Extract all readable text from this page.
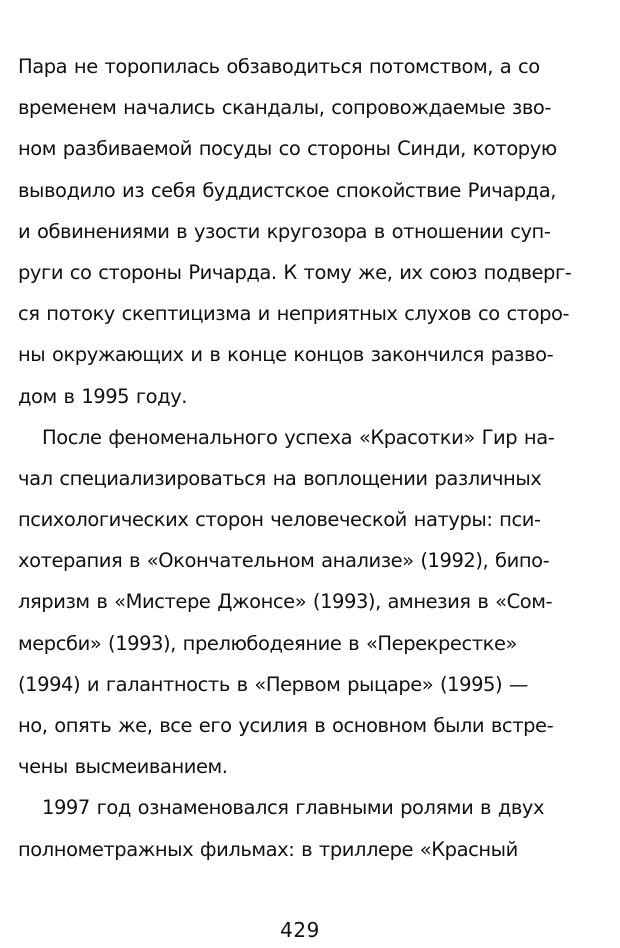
Пара не торопилась обзаводиться потомством, а со
временем начались скандалы, сопровождаемые зво-
ном разбиваемой посуды со стороны Синди, которую
выводило из себя буддистское спокойствие Ричарда,
и обвинениями в узости кругозора в отношении суп-
руги со стороны Ричарда. К тому же, их союз подверг-
ся потоку скептицизма и неприятных слухов со сторо-
ны окружающих и в конце концов закончился разво-
дом в 1995 году.
После феноменального успеха «Красотки» Гир на-
чал специализироваться на воплощении различных
психологических сторон человеческой натуры: пси-
хотерапия в «Окончательном анализе» (1992), бипо-
ляризм в «Мистере Джонсе» (1993), амнезия в «Сом-
мерсби» (1993), прелюбодеяние в «Перекрестке»
(1994) и галантность в «Первом рыцаре» (1995) —
но, опять же, все его усилия в основном были встре-
чены высмеиванием.
1997 год ознаменовался главными ролями в двух
полнометражных фильмах: в триллере «Красный
429
